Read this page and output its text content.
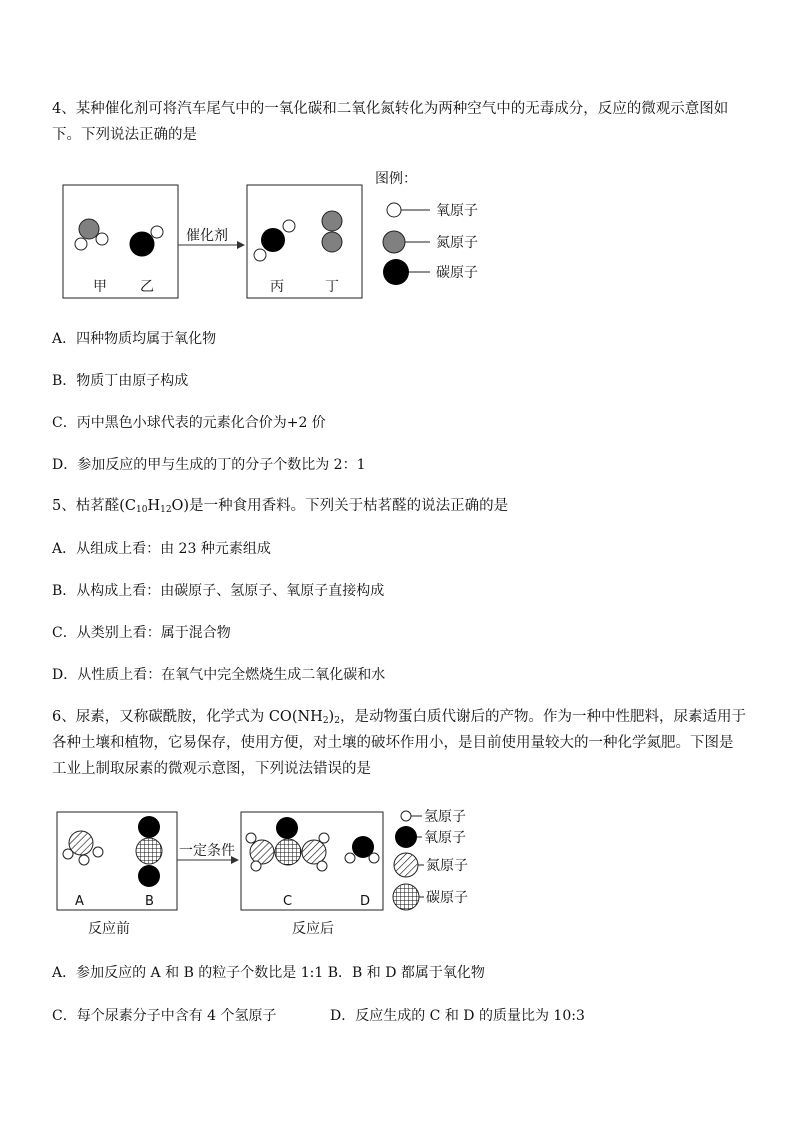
4、某种催化剂可将汽车尾气中的一氧化碳和二氧化氮转化为两种空气中的无毒成分，反应的微观示意图如
下。下列说法正确的是
甲 乙
催化剂
丙	丁
图例：
氧原子
氮原子
碳原子
A．四种物质均属于氧化物
B．物质丁由原子构成
C．丙中黑色小球代表的元素化合价为+2 价
D．参加反应的甲与生成的丁的分子个数比为 2：1
5、枯茗醛$(C_{10}H_{12}O)$是一种食用香料。下列关于枯茗醛的说法正确的是
A．从组成上看：由 23 种元素组成
B．从构成上看：由碳原子、氢原子、氧原子直接构成
C．从类别上看：属于混合物
D．从性质上看：在氧气中完全燃烧生成二氧化碳和水
6、尿素，又称碳酰胺，化学式为 $CO(NH_2)_2$，是动物蛋白质代谢后的产物。作为一种中性肥料，尿素适用于
各种土壤和植物，它易保存，使用方便，对土壤的破坏作用小，是目前使用量较大的一种化学氮肥。下图是
工业上制取尿素的微观示意图，下列说法错误的是
A	B
一定条件
C	D
反应前	反应后
氢原子
氧原子
氮原子
碳原子
A．参加反应的 A 和 B 的粒子个数比是 1:1 B．B 和 D 都属于氧化物
C．每个尿素分子中含有 4 个氢原子	D．反应生成的 C 和 D 的质量比为 10:3
